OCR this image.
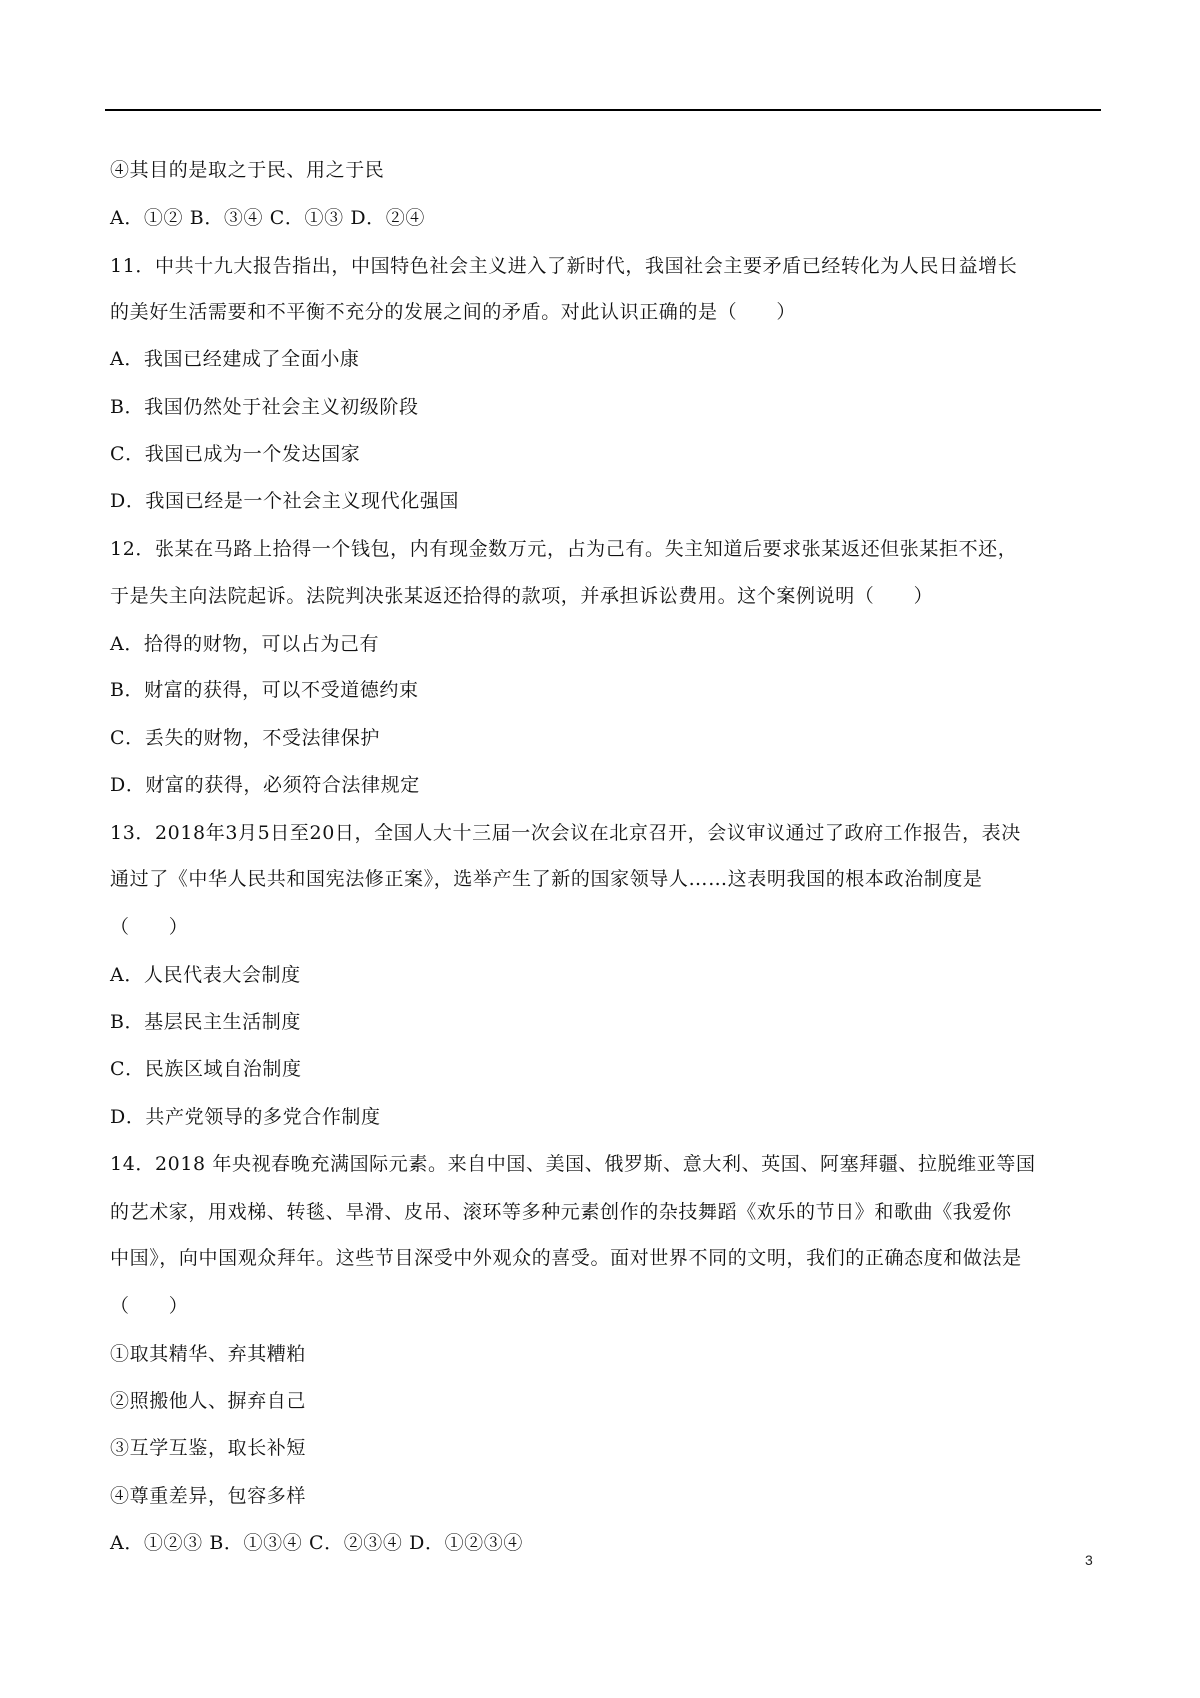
④其目的是取之于民、用之于民
A．①② B．③④ C．①③ D．②④
11．中共十九大报告指出，中国特色社会主义进入了新时代，我国社会主要矛盾已经转化为人民日益增长
的美好生活需要和不平衡不充分的发展之间的矛盾。对此认识正确的是（　　）
A．我国已经建成了全面小康
B．我国仍然处于社会主义初级阶段
C．我国已成为一个发达国家
D．我国已经是一个社会主义现代化强国
12．张某在马路上拾得一个钱包，内有现金数万元，占为己有。失主知道后要求张某返还但张某拒不还，
于是失主向法院起诉。法院判决张某返还拾得的款项，并承担诉讼费用。这个案例说明（　　）
A．拾得的财物，可以占为己有
B．财富的获得，可以不受道德约束
C．丢失的财物，不受法律保护
D．财富的获得，必须符合法律规定
13．2018年3月5日至20日，全国人大十三届一次会议在北京召开，会议审议通过了政府工作报告，表决
通过了《中华人民共和国宪法修正案》，选举产生了新的国家领导人……这表明我国的根本政治制度是
（　　）
A．人民代表大会制度
B．基层民主生活制度
C．民族区域自治制度
D．共产党领导的多党合作制度
14．2018 年央视春晚充满国际元素。来自中国、美国、俄罗斯、意大利、英国、阿塞拜疆、拉脱维亚等国
的艺术家，用戏梯、转毯、旱滑、皮吊、滚环等多种元素创作的杂技舞蹈《欢乐的节日》和歌曲《我爱你
中国》，向中国观众拜年。这些节目深受中外观众的喜受。面对世界不同的文明，我们的正确态度和做法是
（　　）
①取其精华、弃其糟粕
②照搬他人、摒弃自己
③互学互鉴，取长补短
④尊重差异，包容多样
A．①②③ B．①③④ C．②③④ D．①②③④
3
